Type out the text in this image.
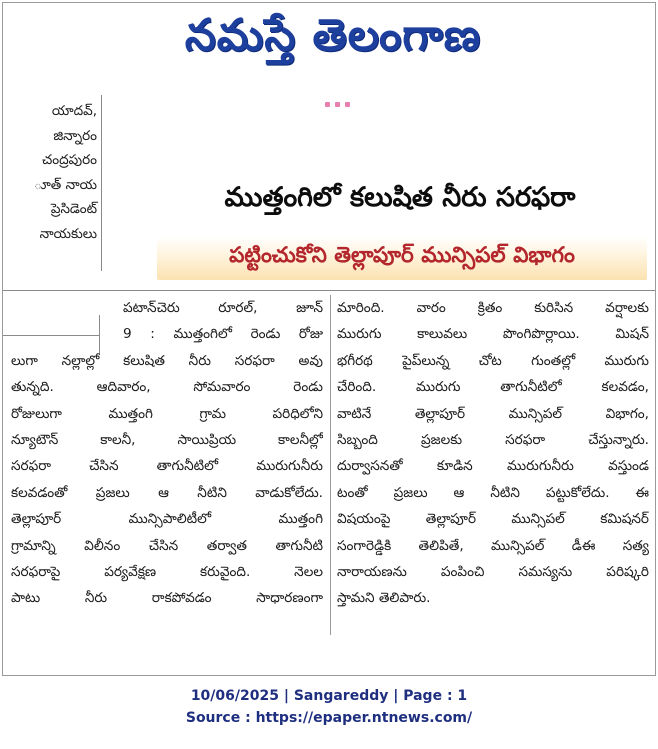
నమస్తే తెలంగాణ
యాదవ్,
జిన్నారం
చంద్రపురం
ూత్ నాయ
ప్రెసిడెంట్
నాయకులు
ముత్తంగిలో కలుషిత నీరు సరఫరా
పట్టించుకోని తెల్లాపూర్ మున్సిపల్ విభాగం

పటాన్‌చెరు రూరల్, జూన్

9 : ముత్తంగిలో రెండు రోజు

లుగా నల్లాల్లో కలుషిత నీరు సరఫరా అవు

తున్నది. ఆదివారం, సోమవారం రెండు

రోజులుగా ముత్తంగి గ్రామ పరిధిలోని

న్యూటౌన్ కాలనీ, సాయిప్రియ కాలనీల్లో

సరఫరా చేసిన తాగునీటిలో మురుగునీరు

కలవడంతో ప్రజలు ఆ నీటిని వాడుకోలేదు.

తెల్లాపూర్ మున్సిపాలిటీలో ముత్తంగి

గ్రామాన్ని విలీనం చేసిన తర్వాత తాగునీటి

సరఫరాపై పర్యవేక్షణ కరువైంది. నెలల

పాటు నీరు రాకపోవడం సాధారణంగా

మారింది. వారం క్రితం కురిసిన వర్షాలకు

మురుగు కాలువలు పొంగిపొర్లాయి. మిషన్

భగీరథ పైప్‌లున్న చోట గుంతల్లో మురుగు

చేరింది. మురుగు తాగునీటిలో కలవడం,

వాటినే తెల్లాపూర్ మున్సిపల్ విభాగం,

సిబ్బంది ప్రజలకు సరఫరా చేస్తున్నారు.

దుర్వాసనతో కూడిన మురుగునీరు వస్తుండ

టంతో ప్రజలు ఆ నీటిని పట్టుకోలేదు. ఈ

విషయంపై తెల్లాపూర్ మున్సిపల్ కమిషనర్

సంగారెడ్డికి తెలిపితే, మున్సిపల్ డీఈ సత్య

నారాయణను పంపించి సమస్యను పరిష్కరి

స్తామని తెలిపారు.

10/06/2025 | Sangareddy | Page : 1
Source : https://epaper.ntnews.com/
